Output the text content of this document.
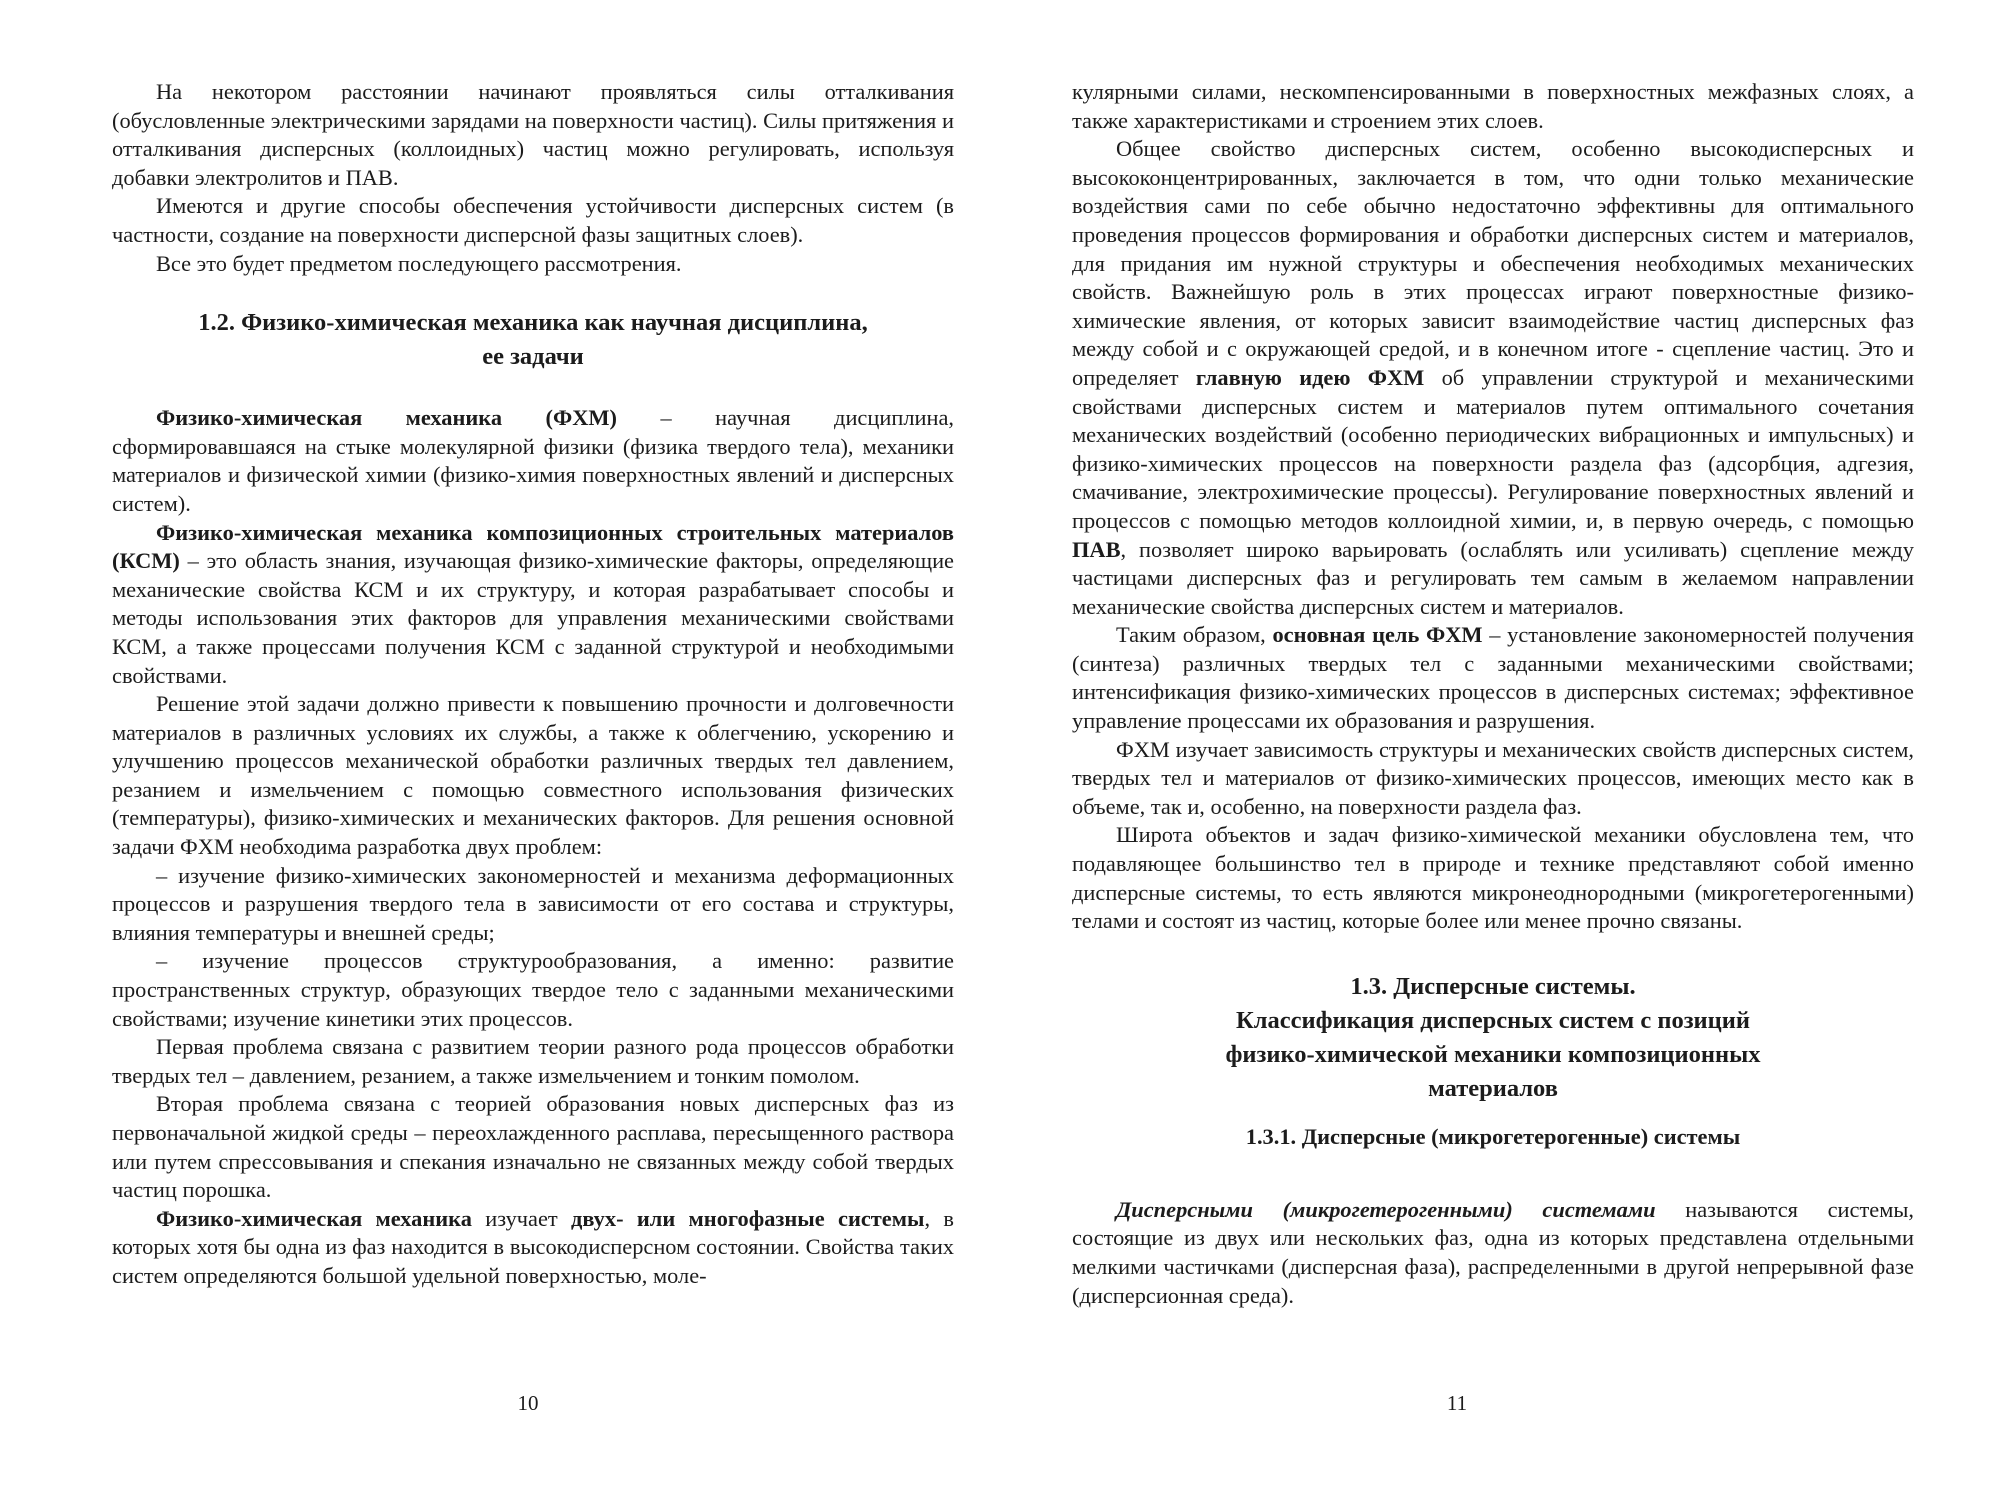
На некотором расстоянии начинают проявляться силы отталкивания (обусловленные электрическими зарядами на поверхности частиц). Силы притяжения и отталкивания дисперсных (коллоидных) частиц можно регулировать, используя добавки электролитов и ПАВ.

Имеются и другие способы обеспечения устойчивости дисперсных систем (в частности, создание на поверхности дисперсной фазы защитных слоев).

Все это будет предметом последующего рассмотрения.

1.2. Физико-химическая механика как научная дисциплина,
ее задачи

Физико-химическая механика (ФХМ) – научная дисциплина, сформировавшаяся на стыке молекулярной физики (физика твердого тела), механики материалов и физической химии (физико-химия поверхностных явлений и дисперсных систем).

Физико-химическая механика композиционных строительных материалов (КСМ) – это область знания, изучающая физико-химические факторы, определяющие механические свойства КСМ и их структуру, и которая разрабатывает способы и методы использования этих факторов для управления механическими свойствами КСМ, а также процессами получения КСМ с заданной структурой и необходимыми свойствами.

Решение этой задачи должно привести к повышению прочности и долговечности материалов в различных условиях их службы, а также к облегчению, ускорению и улучшению процессов механической обработки различных твердых тел давлением, резанием и измельчением с помощью совместного использования физических (температуры), физико-химических и механических факторов. Для решения основной задачи ФХМ необходима разработка двух проблем:

– изучение физико-химических закономерностей и механизма деформационных процессов и разрушения твердого тела в зависимости от его состава и структуры, влияния температуры и внешней среды;

– изучение процессов структурообразования, а именно: развитие пространственных структур, образующих твердое тело с заданными механическими свойствами; изучение кинетики этих процессов.

Первая проблема связана с развитием теории разного рода процессов обработки твердых тел – давлением, резанием, а также измельчением и тонким помолом.

Вторая проблема связана с теорией образования новых дисперсных фаз из первоначальной жидкой среды – переохлажденного расплава, пересыщенного раствора или путем спрессовывания и спекания изначально не связанных между собой твердых частиц порошка.

Физико-химическая механика изучает двух- или многофазные системы, в которых хотя бы одна из фаз находится в высокодисперсном состоянии. Свойства таких систем определяются большой удельной поверхностью, моле-

10

кулярными силами, нескомпенсированными в поверхностных межфазных слоях, а также характеристиками и строением этих слоев.

Общее свойство дисперсных систем, особенно высокодисперсных и высококонцентрированных, заключается в том, что одни только механические воздействия сами по себе обычно недостаточно эффективны для оптимального проведения процессов формирования и обработки дисперсных систем и материалов, для придания им нужной структуры и обеспечения необходимых механических свойств. Важнейшую роль в этих процессах играют поверхностные физико-химические явления, от которых зависит взаимодействие частиц дисперсных фаз между собой и с окружающей средой, и в конечном итоге - сцепление частиц. Это и определяет главную идею ФХМ об управлении структурой и механическими свойствами дисперсных систем и материалов путем оптимального сочетания механических воздействий (особенно периодических вибрационных и импульсных) и физико-химических процессов на поверхности раздела фаз (адсорбция, адгезия, смачивание, электрохимические процессы). Регулирование поверхностных явлений и процессов с помощью методов коллоидной химии, и, в первую очередь, с помощью ПАВ, позволяет широко варьировать (ослаблять или усиливать) сцепление между частицами дисперсных фаз и регулировать тем самым в желаемом направлении механические свойства дисперсных систем и материалов.

Таким образом, основная цель ФХМ – установление закономерностей получения (синтеза) различных твердых тел с заданными механическими свойствами; интенсификация физико-химических процессов в дисперсных системах; эффективное управление процессами их образования и разрушения.

ФХМ изучает зависимость структуры и механических свойств дисперсных систем, твердых тел и материалов от физико-химических процессов, имеющих место как в объеме, так и, особенно, на поверхности раздела фаз.

Широта объектов и задач физико-химической механики обусловлена тем, что подавляющее большинство тел в природе и технике представляют собой именно дисперсные системы, то есть являются микронеоднородными (микрогетерогенными) телами и состоят из частиц, которые более или менее прочно связаны.

1.3. Дисперсные системы.
Классификация дисперсных систем с позиций
физико-химической механики композиционных
материалов
1.3.1. Дисперсные (микрогетерогенные) системы

Дисперсными (микрогетерогенными) системами называются системы, состоящие из двух или нескольких фаз, одна из которых представлена отдельными мелкими частичками (дисперсная фаза), распределенными в другой непрерывной фазе (дисперсионная среда).

11
